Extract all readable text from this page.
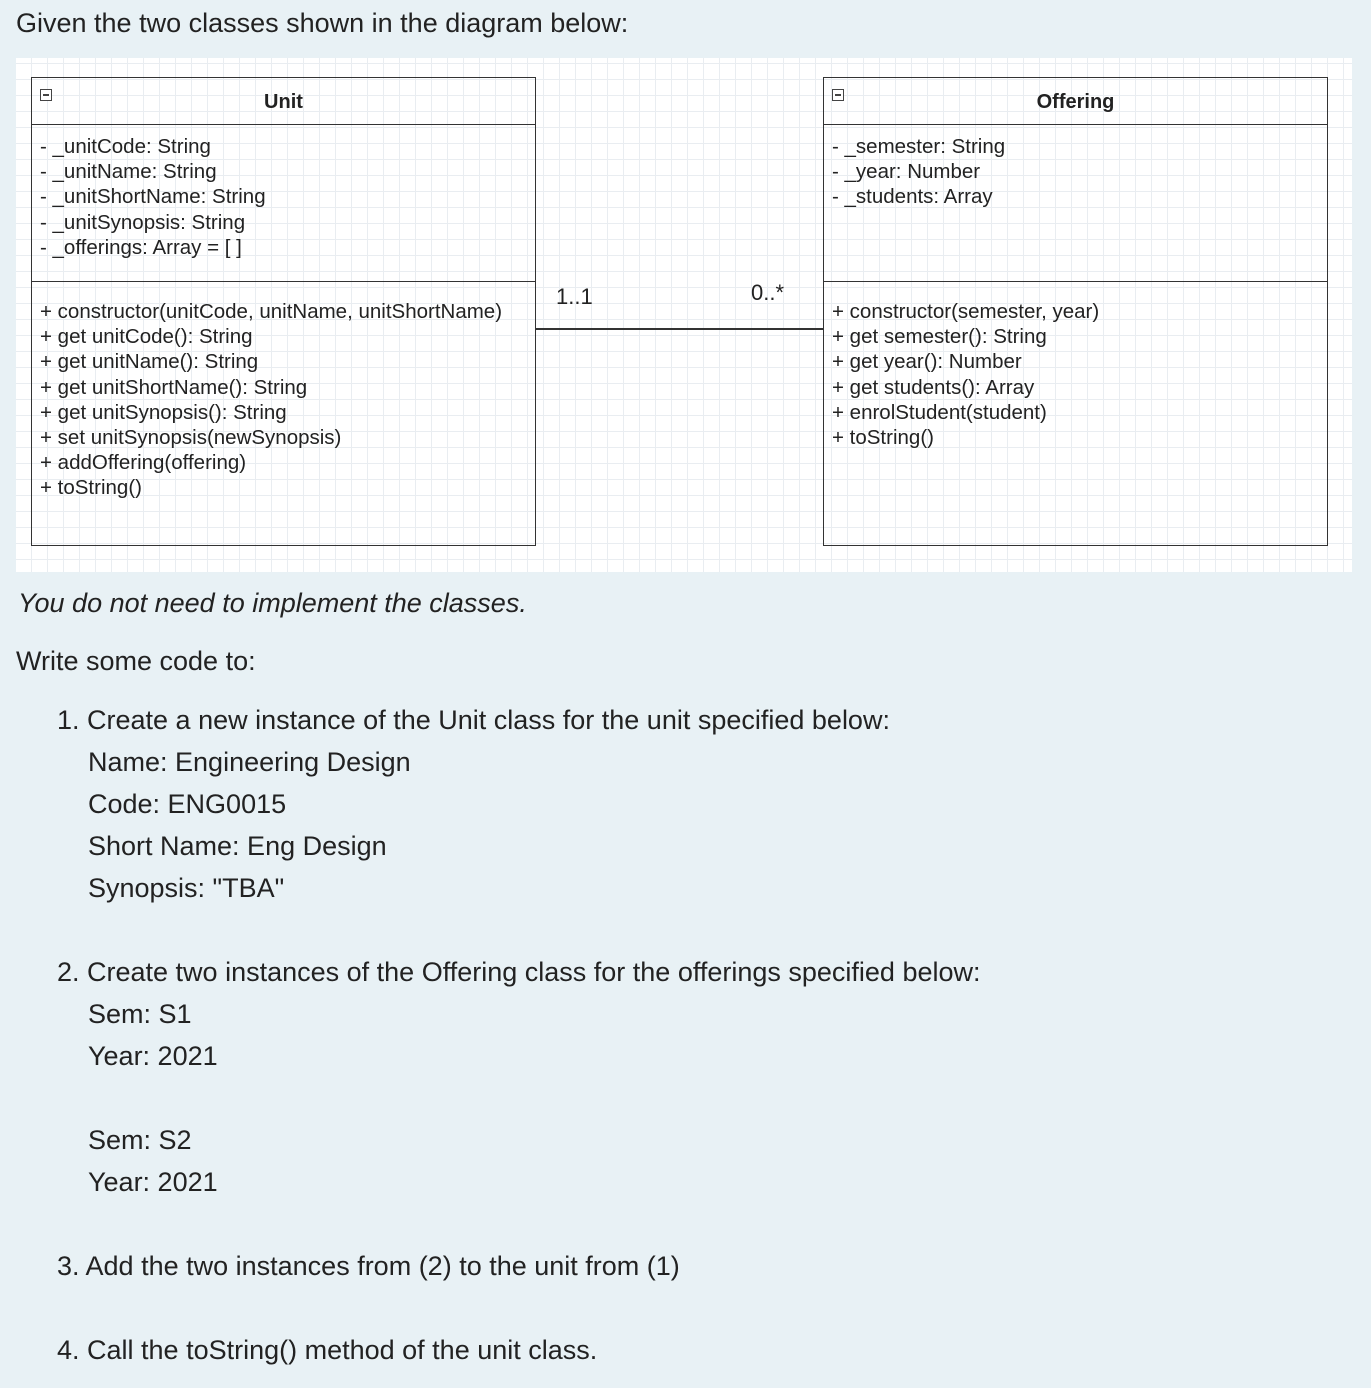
Given the two classes shown in the diagram below:

Unit
- _unitCode: String
- _unitName: String
- _unitShortName: String
- _unitSynopsis: String
- _offerings: Array = [ ]
+ constructor(unitCode, unitName, unitShortName)
+ get unitCode(): String
+ get unitName(): String
+ get unitShortName(): String
+ get unitSynopsis(): String
+ set unitSynopsis(newSynopsis)
+ addOffering(offering)
+ toString()
1..1	0..*
Offering
- _semester: String
- _year: Number
- _students: Array
+ constructor(semester, year)
+ get semester(): String
+ get year(): Number
+ get students(): Array
+ enrolStudent(student)
+ toString()

You do not need to implement the classes.

Write some code to:

1. Create a new instance of the Unit class for the unit specified below:
Name: Engineering Design
Code: ENG0015
Short Name: Eng Design
Synopsis: "TBA"
2. Create two instances of the Offering class for the offerings specified below:
Sem: S1
Year: 2021
Sem: S2
Year: 2021
3. Add the two instances from (2) to the unit from (1)
4. Call the toString() method of the unit class.
